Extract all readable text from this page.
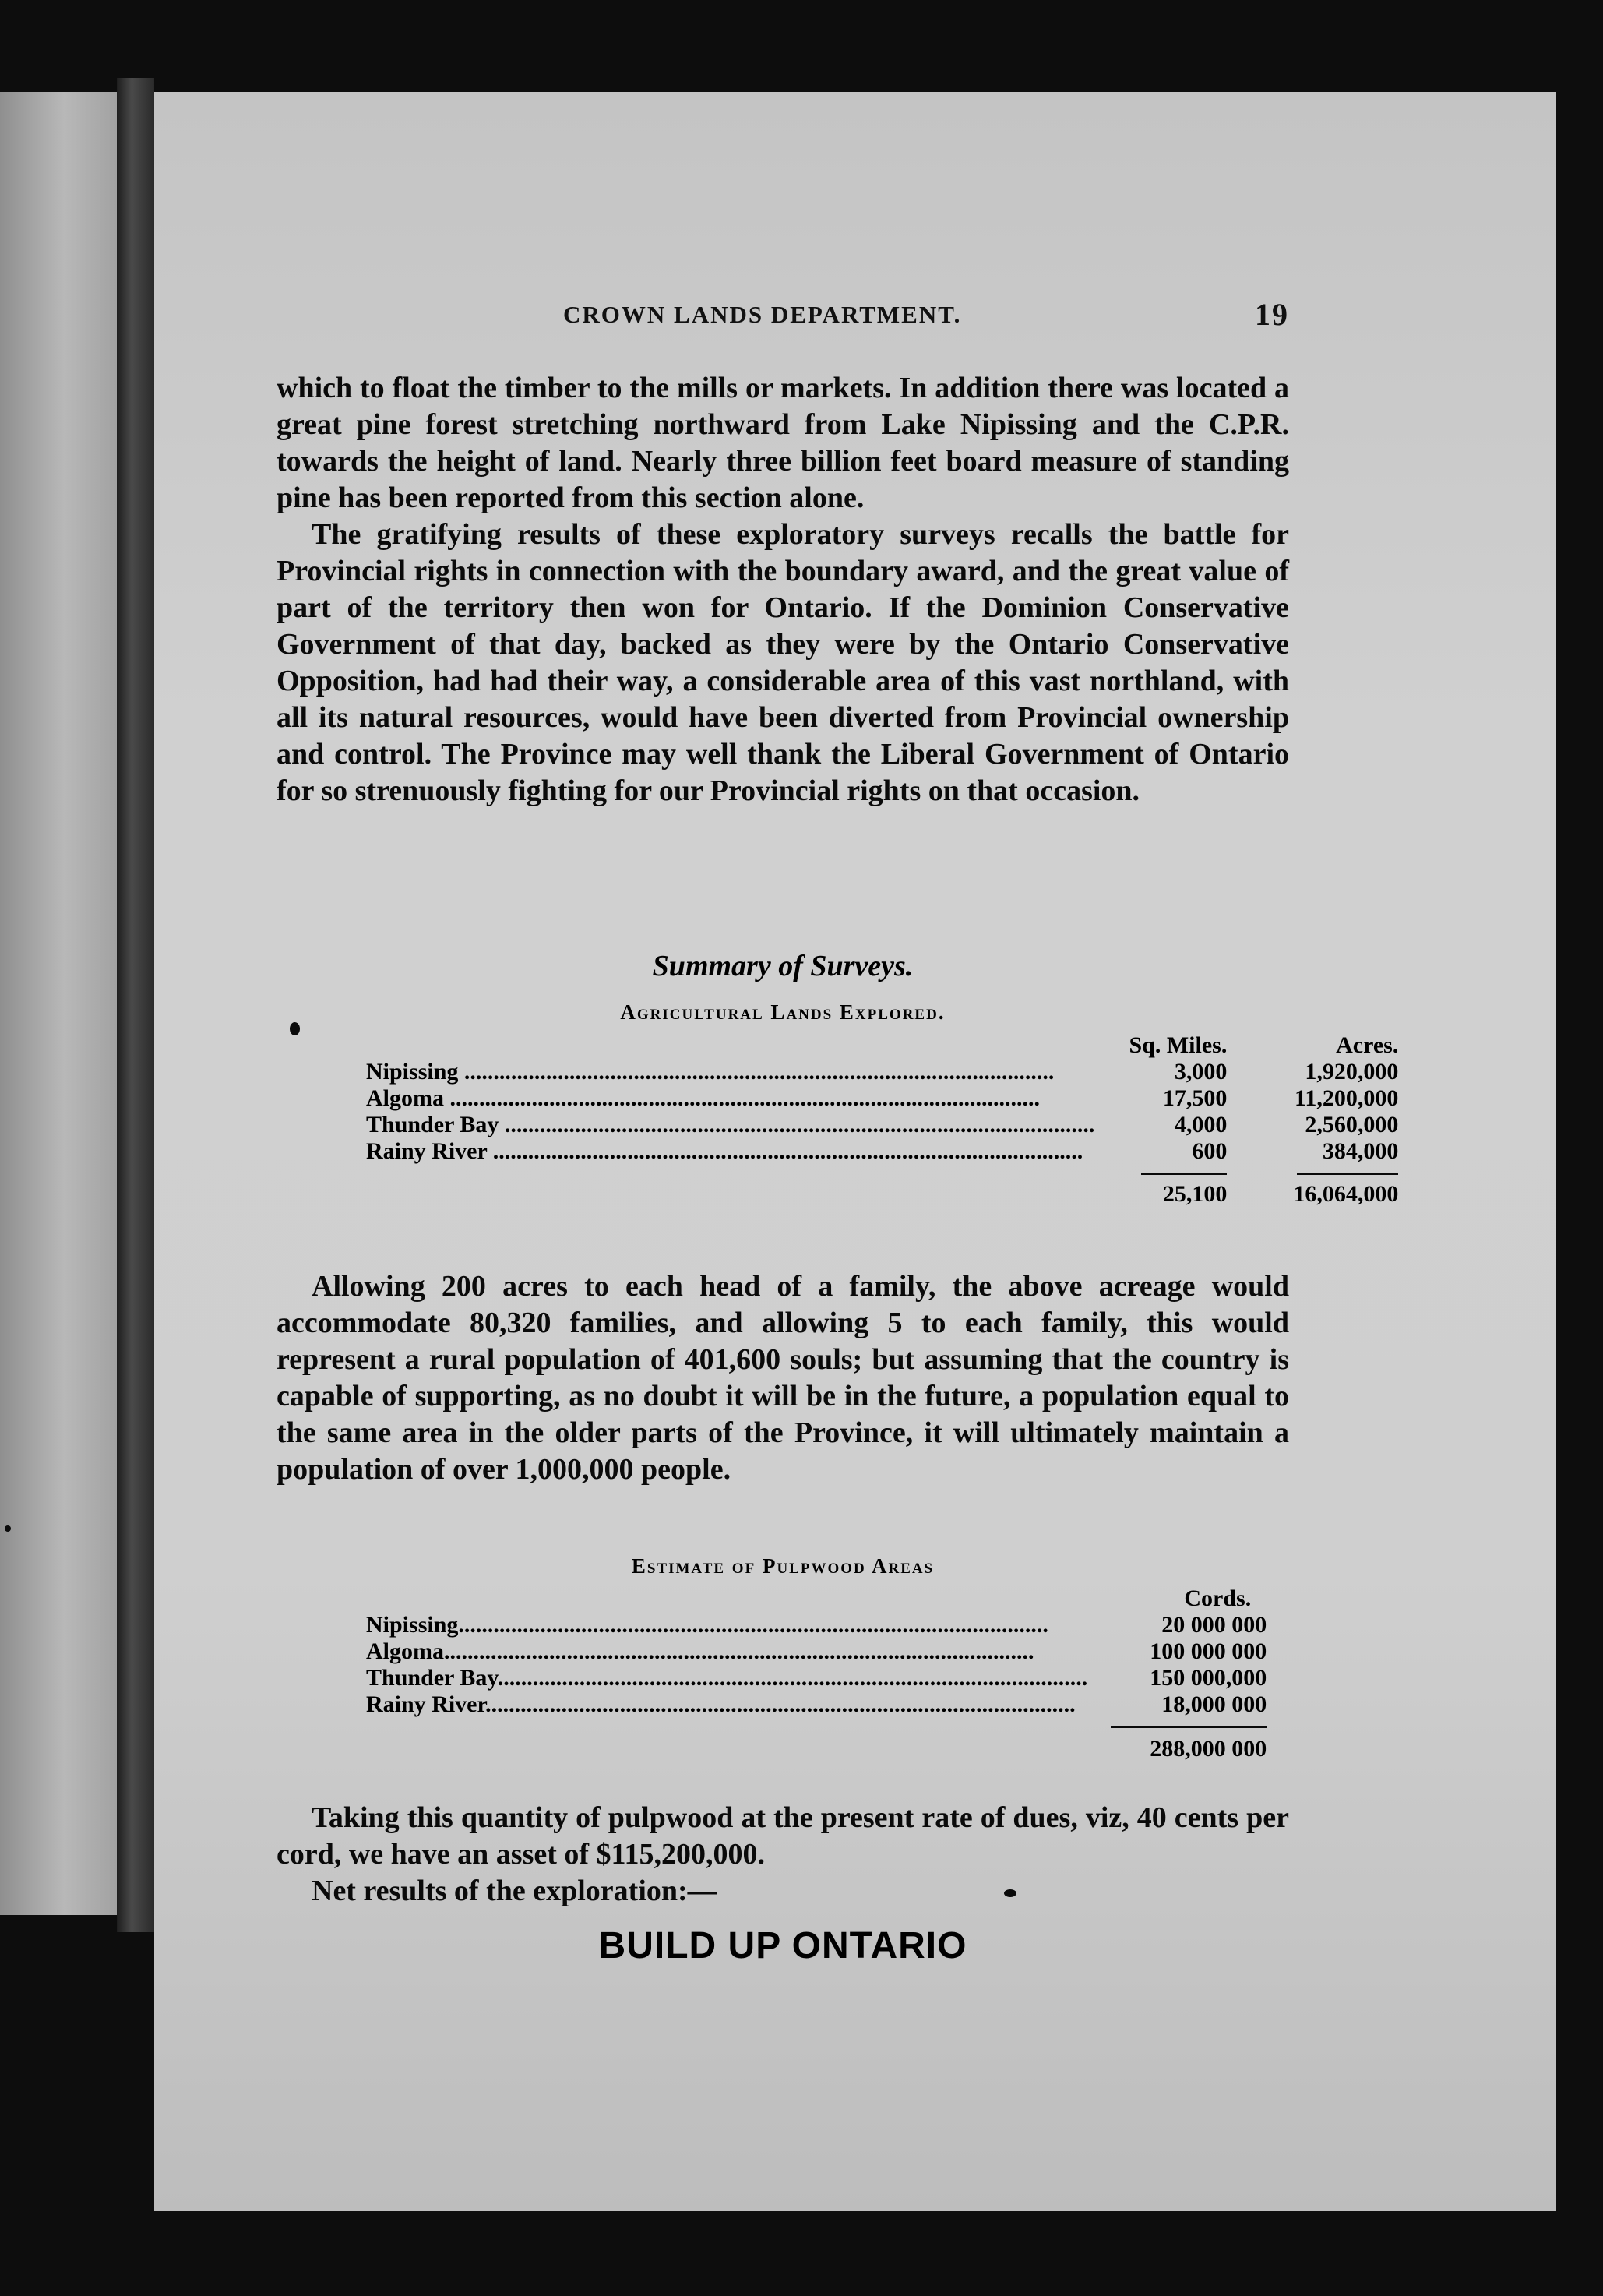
CROWN LANDS DEPARTMENT.	19

which to float the timber to the mills or markets. In addition there was located a great pine forest stretching northward from Lake Nipissing and the C.P.R. towards the height of land. Nearly three billion feet board measure of standing pine has been reported from this section alone.

The gratifying results of these exploratory surveys recalls the battle for Provincial rights in connection with the boundary award, and the great value of part of the territory then won for Ontario. If the Dominion Conservative Government of that day, backed as they were by the Ontario Conservative Opposition, had had their way, a considerable area of this vast northland, with all its natural resources, would have been diverted from Provincial ownership and control. The Province may well thank the Liberal Government of Ontario for so strenuously fighting for our Provincial rights on that occasion.

Summary of Surveys.
Agricultural Lands Explored.
	Sq. Miles.	Acres.
Nipissing .....................................................................................................	3,000	1,920,000
Algoma .....................................................................................................	17,500	11,200,000
Thunder Bay .....................................................................................................	4,000	2,560,000
Rainy River .....................................................................................................	600	384,000

	25,100	16,064,000

Allowing 200 acres to each head of a family, the above acreage would accommodate 80,320 families, and allowing 5 to each family, this would represent a rural population of 401,600 souls; but assuming that the country is capable of supporting, as no doubt it will be in the future, a population equal to the same area in the older parts of the Province, it will ultimately maintain a population of over 1,000,000 people.

Estimate of Pulpwood Areas
	Cords.
Nipissing.....................................................................................................	20 000 000
Algoma.....................................................................................................	100 000 000
Thunder Bay.....................................................................................................	150 000,000
Rainy River.....................................................................................................	18,000 000

	288,000 000

Taking this quantity of pulpwood at the present rate of dues, viz, 40 cents per cord, we have an asset of $115,200,000.

Net results of the exploration:—

BUILD UP ONTARIO
